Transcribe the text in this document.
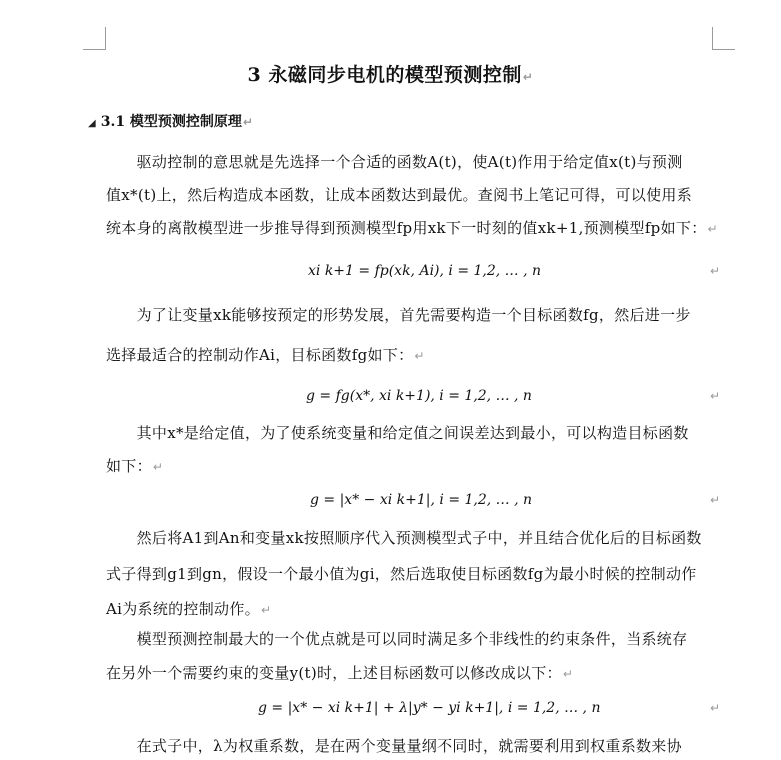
3 永磁同步电机的模型预测控制↵
◢ 3.1 模型预测控制原理↵
　　驱动控制的意思就是先选择一个合适的函数A(t)，使A(t)作用于给定值x(t)与预测
值x*(t)上，然后构造成本函数，让成本函数达到最优。查阅书上笔记可得，可以使用系
统本身的离散模型进一步推导得到预测模型fp用xk下一时刻的值xk+1,预测模型fp如下：↵
xi k+1 = fp(xk, Ai), i = 1,2, … , n	↵
　　为了让变量xk能够按预定的形势发展，首先需要构造一个目标函数fg，然后进一步
选择最适合的控制动作Ai，目标函数fg如下：↵
g = fg(x*, xi k+1), i = 1,2, … , n	↵
　　其中x*是给定值，为了使系统变量和给定值之间误差达到最小，可以构造目标函数
如下：↵
g = |x* − xi k+1|, i = 1,2, … , n	↵
　　然后将A1到An和变量xk按照顺序代入预测模型式子中，并且结合优化后的目标函数
式子得到g1到gn，假设一个最小值为gi，然后选取使目标函数fg为最小时候的控制动作
Ai为系统的控制动作。↵
　　模型预测控制最大的一个优点就是可以同时满足多个非线性的约束条件，当系统存
在另外一个需要约束的变量y(t)时，上述目标函数可以修改成以下：↵
g = |x* − xi k+1| + λ|y* − yi k+1|, i = 1,2, … , n	↵
　　在式子中，λ为权重系数，是在两个变量量纲不同时，就需要利用到权重系数来协
